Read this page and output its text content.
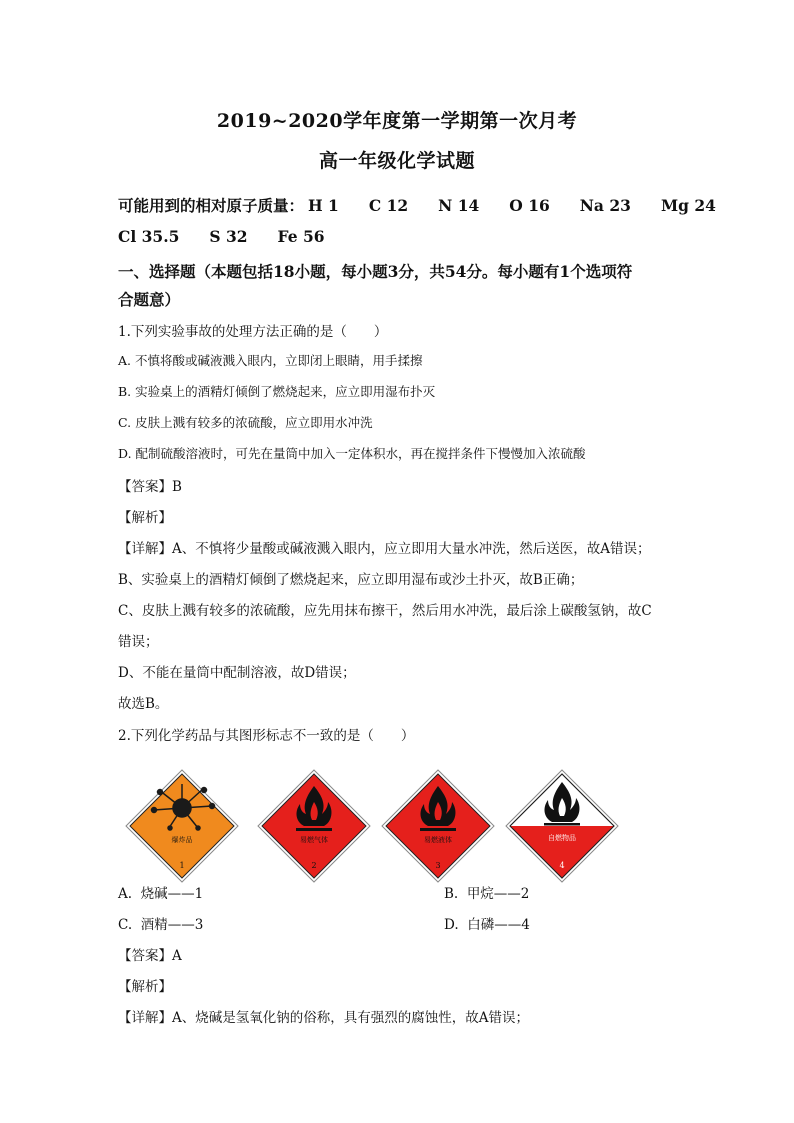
2019~2020学年度第一学期第一次月考
高一年级化学试题
可能用到的相对原子质量： H 1 C 12 N 14 O 16 Na 23 Mg 24
Cl 35.5 S 32 Fe 56
一、选择题（本题包括18小题，每小题3分，共54分。每小题有1个选项符
合题意）
1.下列实验事故的处理方法正确的是（　　）
A. 不慎将酸或碱液溅入眼内，立即闭上眼睛，用手揉擦
B. 实验桌上的酒精灯倾倒了燃烧起来，应立即用湿布扑灭
C. 皮肤上溅有较多的浓硫酸，应立即用水冲洗
D. 配制硫酸溶液时，可先在量筒中加入一定体积水，再在搅拌条件下慢慢加入浓硫酸
【答案】B
【解析】
【详解】A、不慎将少量酸或碱液溅入眼内，应立即用大量水冲洗，然后送医，故A错误；
B、实验桌上的酒精灯倾倒了燃烧起来，应立即用湿布或沙土扑灭，故B正确；
C、皮肤上溅有较多的浓硫酸，应先用抹布擦干，然后用水冲洗，最后涂上碳酸氢钠，故C
错误；
D、不能在量筒中配制溶液，故D错误；
故选B。
2.下列化学药品与其图形标志不一致的是（　　）
爆炸品
1
易燃气体
2
易燃液体
3
自燃物品
4
A. 烧碱——1	B. 甲烷——2
C. 酒精——3	D. 白磷——4
【答案】A
【解析】
【详解】A、烧碱是氢氧化钠的俗称，具有强烈的腐蚀性，故A错误；
